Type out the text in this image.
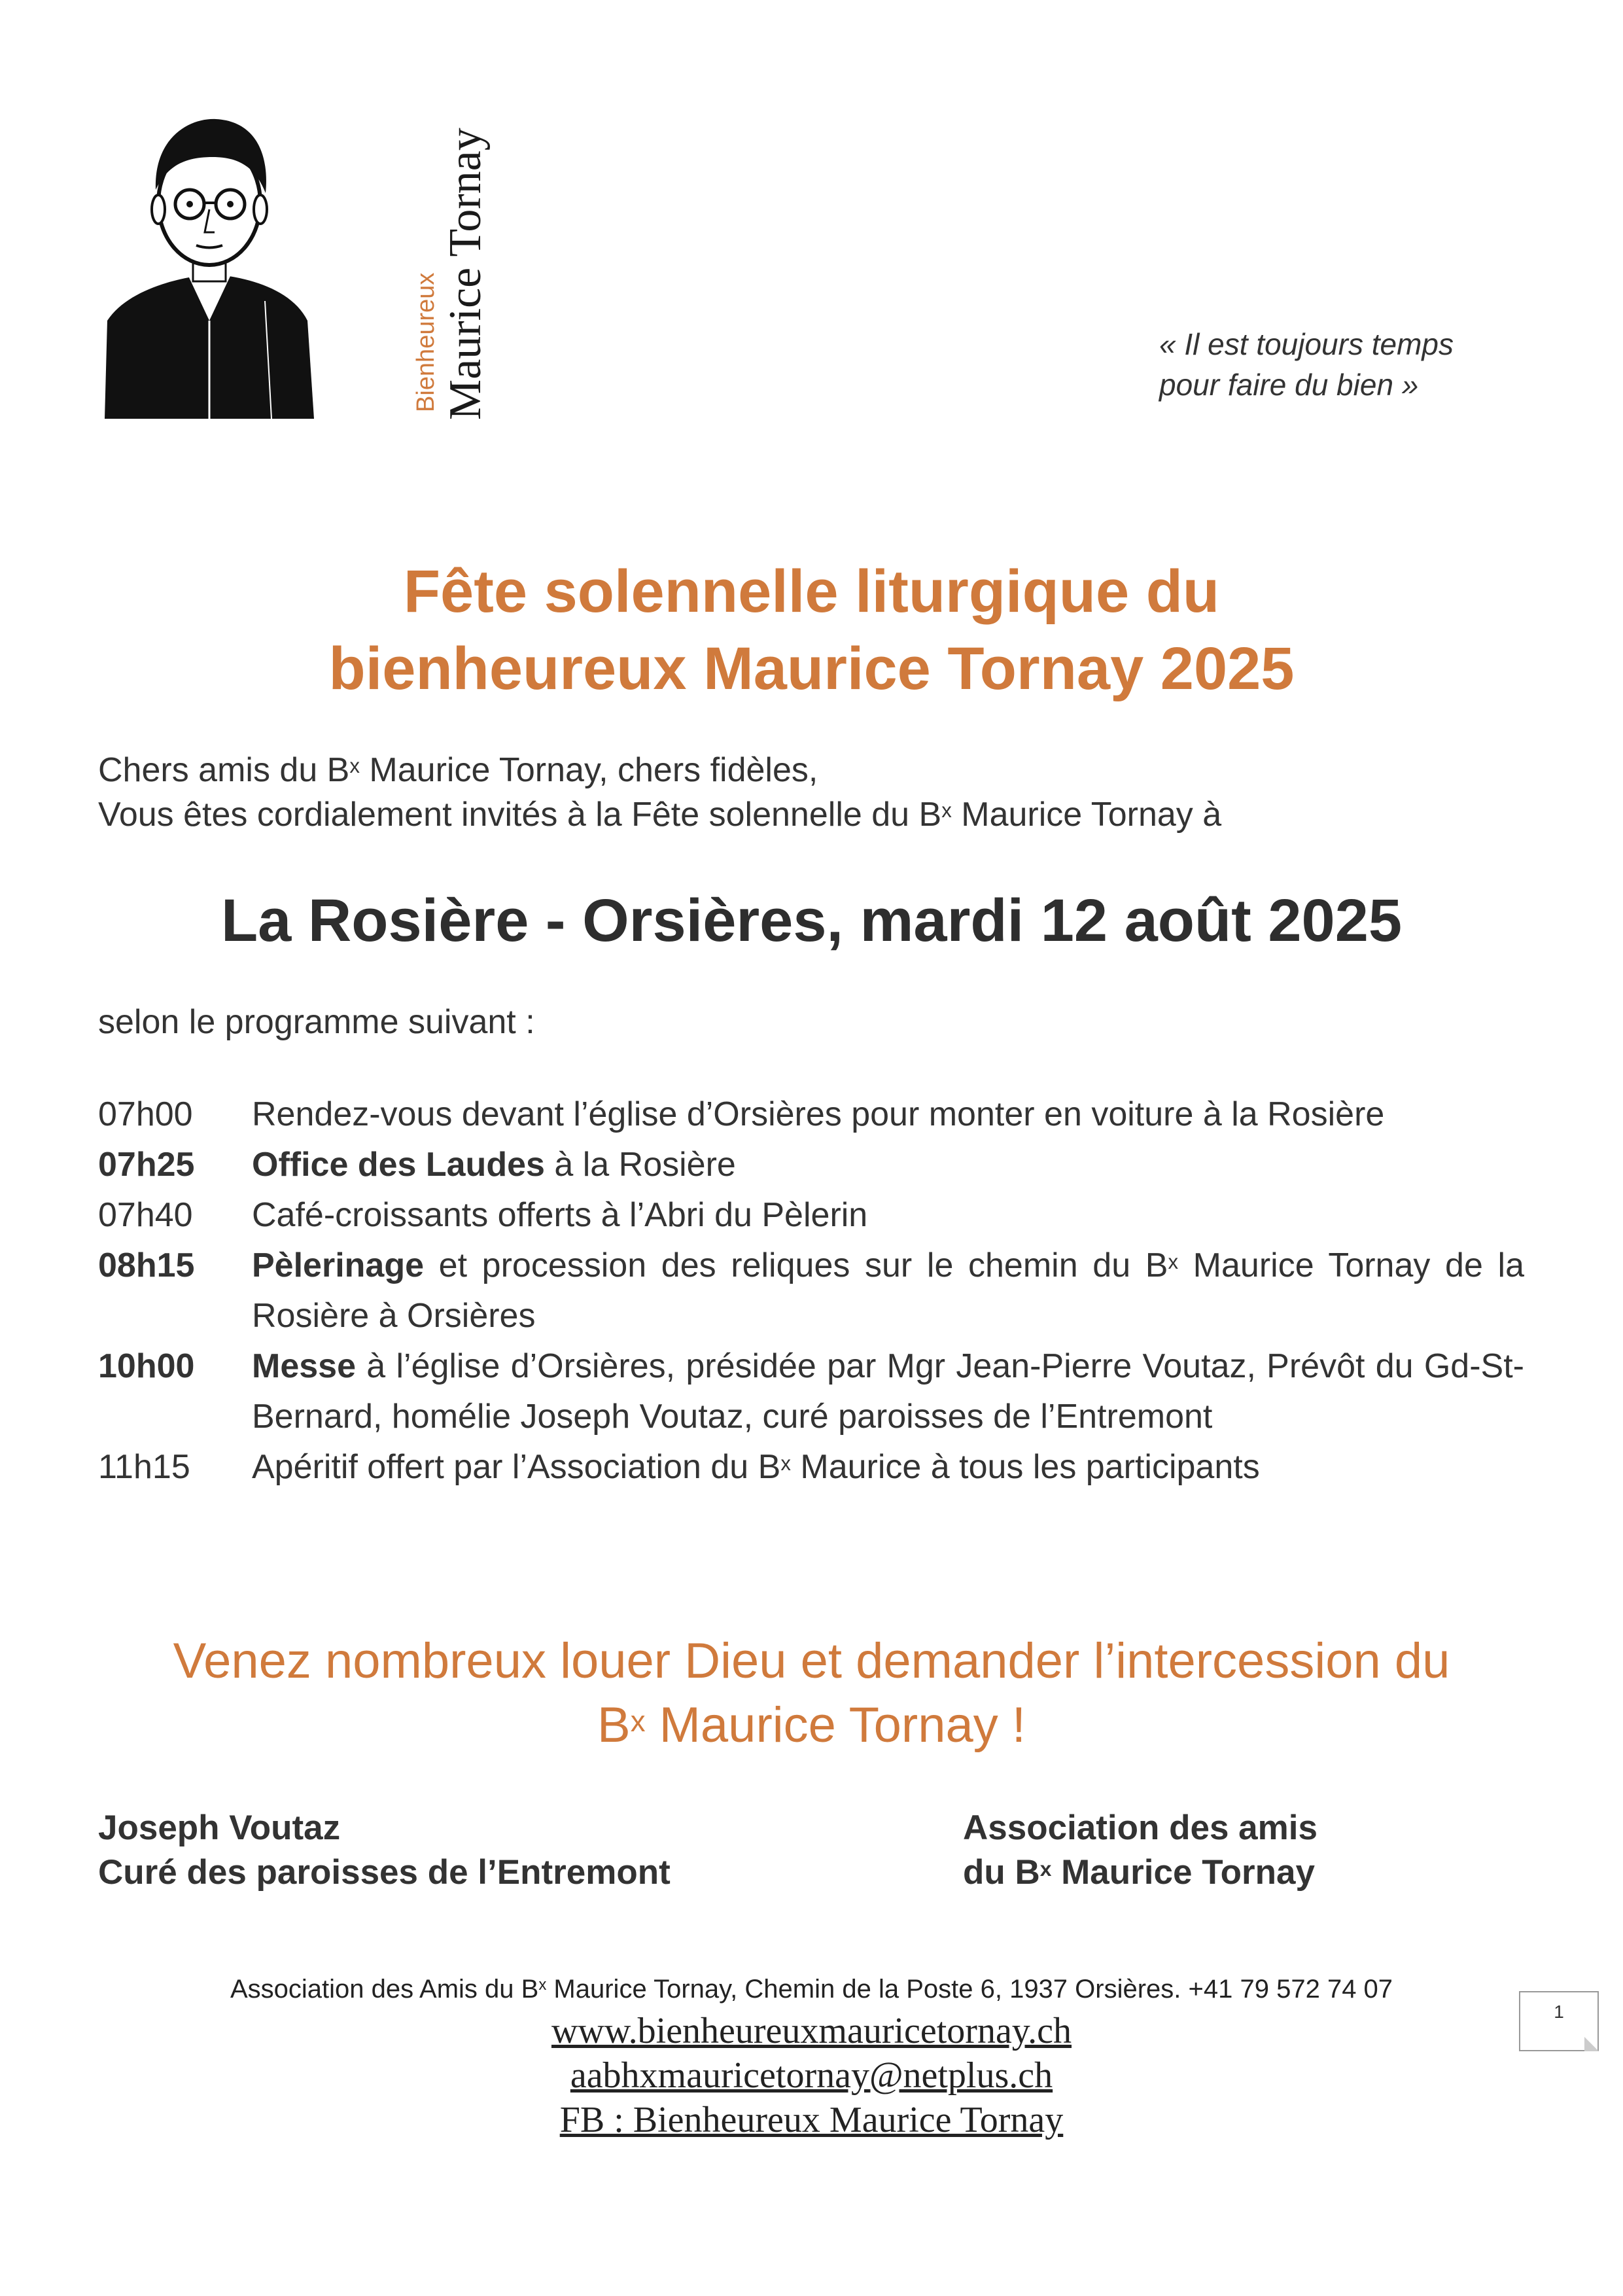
Bienheureux Maurice Tornay	« Il est toujours temps
pour faire du bien »
Fête solennelle liturgique du
bienheureux Maurice Tornay 2025
Chers amis du $B^x$ Maurice Tornay, chers fidèles,
Vous êtes cordialement invités à la Fête solennelle du $B^x$ Maurice Tornay à
La Rosière - Orsières, mardi 12 août 2025
selon le programme suivant :
07h00	Rendez-vous devant l’église d’Orsières pour monter en voiture à la Rosière
07h25	Office des Laudes à la Rosière
07h40	Café-croissants offerts à l’Abri du Pèlerin
08h15	Pèlerinage et procession des reliques sur le chemin du $B^x$ Maurice Tornay de la Rosière à Orsières
10h00	Messe à l’église d’Orsières, présidée par Mgr Jean-Pierre Voutaz, Prévôt du Gd-St-Bernard, homélie Joseph Voutaz, curé paroisses de l’Entremont
11h15	Apéritif offert par l’Association du $B^x$ Maurice à tous les participants
Venez nombreux louer Dieu et demander l’intercession du
$B^x$ Maurice Tornay !
Joseph Voutaz
Curé des paroisses de l’Entremont
Association des amis
du $B^x$ Maurice Tornay
Association des Amis du $B^x$ Maurice Tornay, Chemin de la Poste 6, 1937 Orsières. +41 79 572 74 07
www.bienheureuxmauricetornay.ch
aabhxmauricetornay@netplus.ch
FB : Bienheureux Maurice Tornay
1
